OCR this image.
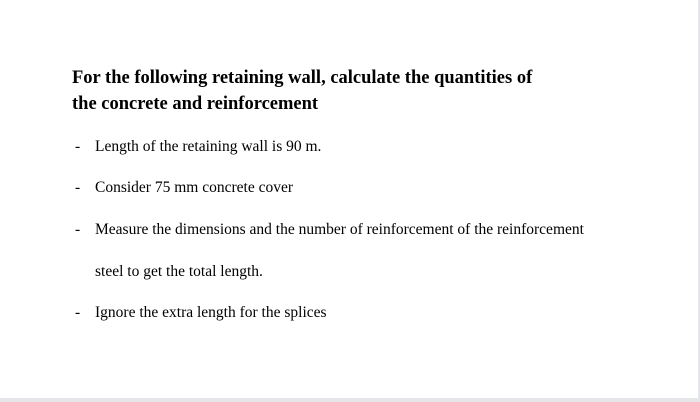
For the following retaining wall, calculate the quantities of
the concrete and reinforcement
- Length of the retaining wall is 90 m.
- Consider 75 mm concrete cover
- Measure the dimensions and the number of reinforcement of the reinforcement
steel to get the total length.
- Ignore the extra length for the splices
